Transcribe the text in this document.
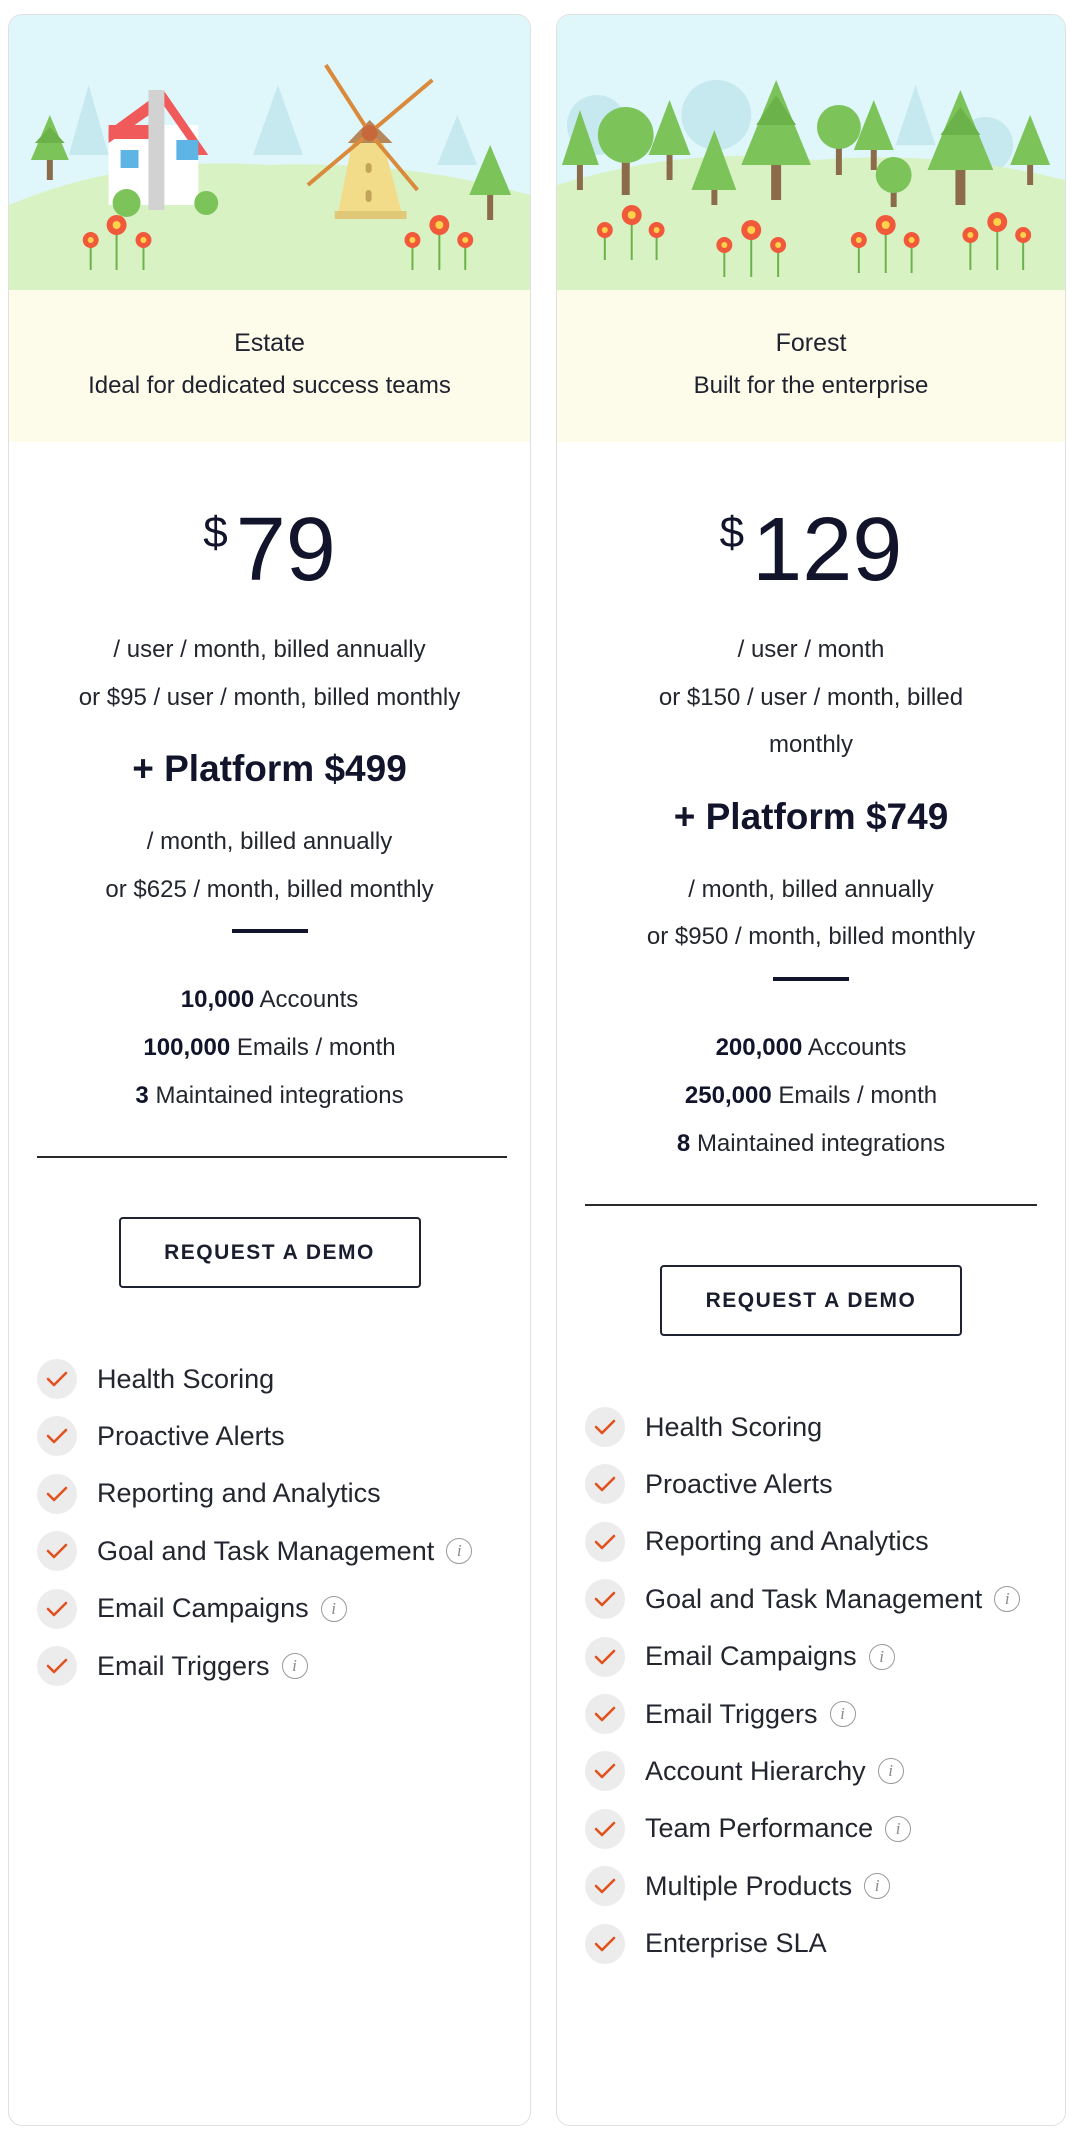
Estate
Ideal for dedicated success teams
$79
/ user / month, billed annually
or $95 / user / month, billed monthly
+ Platform $499
/ month, billed annually
or $625 / month, billed monthly
10,000 Accounts
100,000 Emails / month
3 Maintained integrations
REQUEST A DEMO
Health Scoring
Proactive Alerts
Reporting and Analytics
Goal and Task Management	i
Email Campaigns	i
Email Triggers	i
Forest
Built for the enterprise
$129
/ user / month
or $150 / user / month, billed
monthly
+ Platform $749
/ month, billed annually
or $950 / month, billed monthly
200,000 Accounts
250,000 Emails / month
8 Maintained integrations
REQUEST A DEMO
Health Scoring
Proactive Alerts
Reporting and Analytics
Goal and Task Management	i
Email Campaigns	i
Email Triggers	i
Account Hierarchy	i
Team Performance	i
Multiple Products	i
Enterprise SLA
